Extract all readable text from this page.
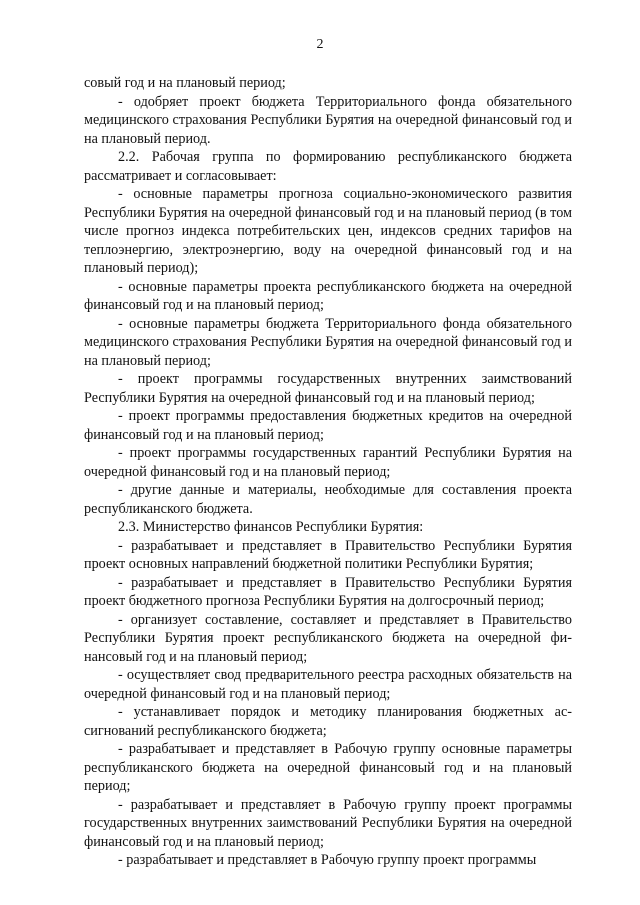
2

совый год и на плановый период;

- одобряет проект бюджета Территориального фонда обязательного медицинского страхования Республики Бурятия на очередной финансовый год и на плановый период.

2.2. Рабочая группа по формированию республиканского бюджета рассматривает и согласовывает:

- основные параметры прогноза социально-экономического развития Республики Бурятия на очередной финансовый год и на плановый период (в том числе прогноз индекса потребительских цен, индексов средних тарифов на теплоэнергию, электроэнергию, воду на очередной финансовый год и на плановый период);

- основные параметры проекта республиканского бюджета на очередной финансовый год и на плановый период;

- основные параметры бюджета Территориального фонда обязательного медицинского страхования Республики Бурятия на очередной финансовый год и на плановый период;

- проект программы государственных внутренних заимствований Республики Бурятия на очередной финансовый год и на плановый период;

- проект программы предоставления бюджетных кредитов на очередной финансовый год и на плановый период;

- проект программы государственных гарантий Республики Бурятия на очередной финансовый год и на плановый период;

- другие данные и материалы, необходимые для составления проекта республиканского бюджета.

2.3. Министерство финансов Республики Бурятия:

- разрабатывает и представляет в Правительство Республики Бурятия проект основных направлений бюджетной политики Республики Бурятия;

- разрабатывает и представляет в Правительство Республики Бурятия проект бюджетного прогноза Республики Бурятия на долгосрочный период;

- организует составление, составляет и представляет в Правительство Республики Бурятия проект республиканского бюджета на очередной финансовый год и на плановый период;

- осуществляет свод предварительного реестра расходных обязательств на очередной финансовый год и на плановый период;

- устанавливает порядок и методику планирования бюджетных ассигнований республиканского бюджета;

- разрабатывает и представляет в Рабочую группу основные параметры республиканского бюджета на очередной финансовый год и на плановый период;

- разрабатывает и представляет в Рабочую группу проект программы государственных внутренних заимствований Республики Бурятия на очередной финансовый год и на плановый период;

- разрабатывает и представляет в Рабочую группу проект программы
